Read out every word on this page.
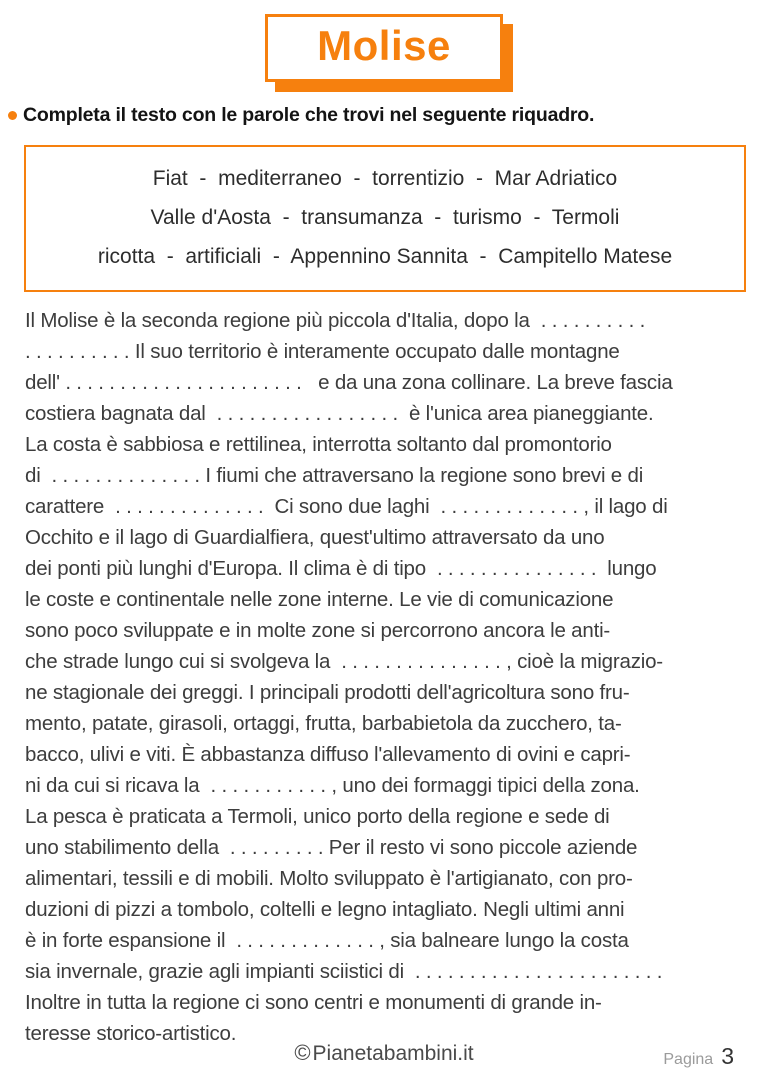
Molise
Completa il testo con le parole che trovi nel seguente riquadro.
Fiat  -  mediterraneo  -  torrentizio  -  Mar Adriatico
Valle d'Aosta  -  transumanza  -  turismo  -  Termoli
ricotta  -  artificiali  -  Appennino Sannita  -  Campitello Matese
Il Molise è la seconda regione più piccola d'Italia, dopo la  . . . . . . . . . .
. . . . . . . . . . Il suo territorio è interamente occupato dalle montagne
dell' . . . . . . . . . . . . . . . . . . . . . .   e da una zona collinare. La breve fascia
costiera bagnata dal  . . . . . . . . . . . . . . . . .  è l'unica area pianeggiante.
La costa è sabbiosa e rettilinea, interrotta soltanto dal promontorio
di  . . . . . . . . . . . . . . I fiumi che attraversano la regione sono brevi e di
carattere  . . . . . . . . . . . . . .  Ci sono due laghi  . . . . . . . . . . . . . , il lago di
Occhito e il lago di Guardialfiera, quest'ultimo attraversato da uno
dei ponti più lunghi d'Europa. Il clima è di tipo  . . . . . . . . . . . . . . .  lungo
le coste e continentale nelle zone interne. Le vie di comunicazione
sono poco sviluppate e in molte zone si percorrono ancora le anti-
che strade lungo cui si svolgeva la  . . . . . . . . . . . . . . . , cioè la migrazio-
ne stagionale dei greggi. I principali prodotti dell'agricoltura sono fru-
mento, patate, girasoli, ortaggi, frutta, barbabietola da zucchero, ta-
bacco, ulivi e viti. È abbastanza diffuso l'allevamento di ovini e capri-
ni da cui si ricava la  . . . . . . . . . . . , uno dei formaggi tipici della zona.
La pesca è praticata a Termoli, unico porto della regione e sede di
uno stabilimento della  . . . . . . . . . Per il resto vi sono piccole aziende
alimentari, tessili e di mobili. Molto sviluppato è l'artigianato, con pro-
duzioni di pizzi a tombolo, coltelli e legno intagliato. Negli ultimi anni
è in forte espansione il  . . . . . . . . . . . . . , sia balneare lungo la costa
sia invernale, grazie agli impianti sciistici di  . . . . . . . . . . . . . . . . . . . . . . .
Inoltre in tutta la regione ci sono centri e monumenti di grande in-
teresse storico-artistico.
©Pianetabambini.it	Pagina 3
